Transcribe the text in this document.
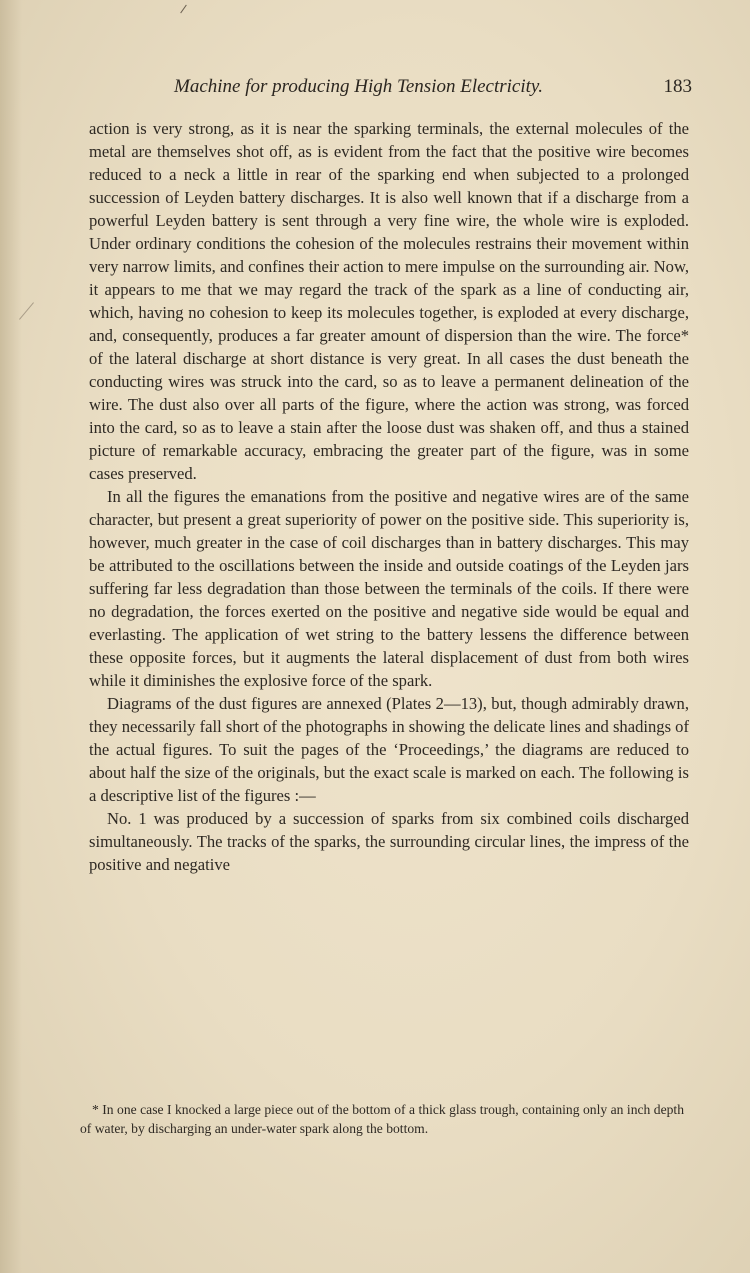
Machine for producing High Tension Electricity.	183

action is very strong, as it is near the sparking terminals, the external molecules of the metal are themselves shot off, as is evident from the fact that the positive wire becomes reduced to a neck a little in rear of the sparking end when subjected to a prolonged succession of Leyden battery discharges. It is also well known that if a discharge from a powerful Leyden battery is sent through a very fine wire, the whole wire is exploded. Under ordinary conditions the cohesion of the molecules restrains their movement within very narrow limits, and confines their action to mere impulse on the surrounding air. Now, it appears to me that we may regard the track of the spark as a line of conducting air, which, having no cohesion to keep its molecules together, is exploded at every discharge, and, consequently, produces a far greater amount of dispersion than the wire. The force* of the lateral discharge at short distance is very great. In all cases the dust beneath the conducting wires was struck into the card, so as to leave a permanent delineation of the wire. The dust also over all parts of the figure, where the action was strong, was forced into the card, so as to leave a stain after the loose dust was shaken off, and thus a stained picture of remarkable accuracy, embracing the greater part of the figure, was in some cases preserved.

In all the figures the emanations from the positive and negative wires are of the same character, but present a great superiority of power on the positive side. This superiority is, however, much greater in the case of coil discharges than in battery discharges. This may be attributed to the oscillations between the inside and outside coatings of the Leyden jars suffering far less degradation than those between the terminals of the coils. If there were no degradation, the forces exerted on the positive and negative side would be equal and everlasting. The application of wet string to the battery lessens the difference between these opposite forces, but it augments the lateral displacement of dust from both wires while it diminishes the explosive force of the spark.

Diagrams of the dust figures are annexed (Plates 2—13), but, though admirably drawn, they necessarily fall short of the photographs in showing the delicate lines and shadings of the actual figures. To suit the pages of the ‘Proceedings,’ the diagrams are reduced to about half the size of the originals, but the exact scale is marked on each. The following is a descriptive list of the figures :—

No. 1 was produced by a succession of sparks from six combined coils discharged simultaneously. The tracks of the sparks, the surrounding circular lines, the impress of the positive and negative

* In one case I knocked a large piece out of the bottom of a thick glass trough, containing only an inch depth of water, by discharging an under-water spark along the bottom.
